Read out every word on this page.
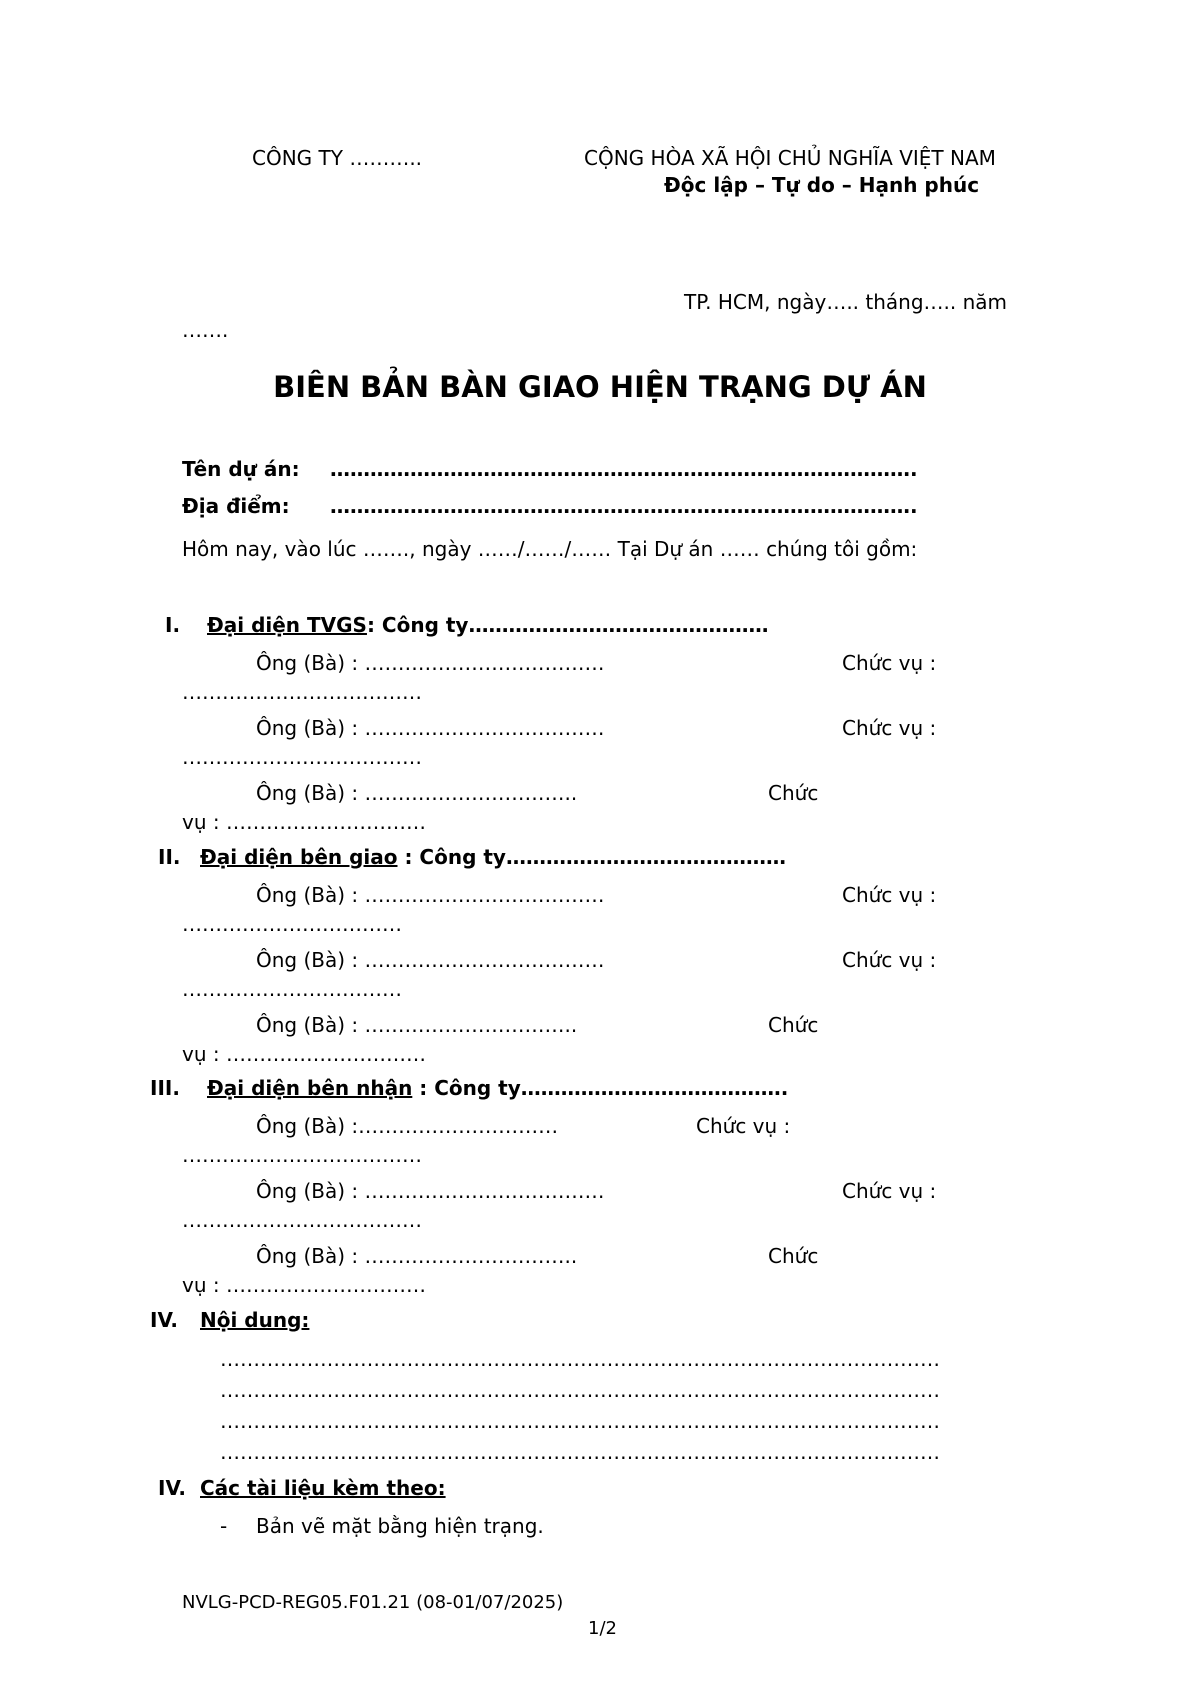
CÔNG TY ………..	CỘNG HÒA XÃ HỘI CHỦ NGHĨA VIỆT NAM
Độc lập – Tự do – Hạnh phúc
TP. HCM, ngày….. tháng….. năm
…….
BIÊN BẢN BÀN GIAO HIỆN TRẠNG DỰ ÁN
Tên dự án: …………………………………………………………………………….
Địa điểm: …………………………………………………………………………….
Hôm nay, vào lúc ……., ngày ……/……/…… Tại Dự án …… chúng tôi gồm:
I. Đại diện TVGS: Công ty………………………………………
Ông (Bà) : ………………………………	Chức vụ :
………………………………
Ông (Bà) : ………………………………	Chức vụ :
………………………………
Ông (Bà) : …………………………..	Chức
vụ : …………………………
II. Đại diện bên giao : Công ty……………………………………
Ông (Bà) : ………………………………	Chức vụ :
……………………………
Ông (Bà) : ………………………………	Chức vụ :
……………………………
Ông (Bà) : …………………………..	Chức
vụ : …………………………
III. Đại diện bên nhận : Công ty………………………………….
Ông (Bà) :…………………………	Chức vụ :
………………………………
Ông (Bà) : ………………………………	Chức vụ :
………………………………
Ông (Bà) : …………………………..	Chức
vụ : …………………………
IV. Nội dung:
………………………………………………………………………………………………
………………………………………………………………………………………………
………………………………………………………………………………………………
………………………………………………………………………………………………
IV. Các tài liệu kèm theo:
- Bản vẽ mặt bằng hiện trạng.
NVLG-PCD-REG05.F01.21 (08-01/07/2025)
1/2
